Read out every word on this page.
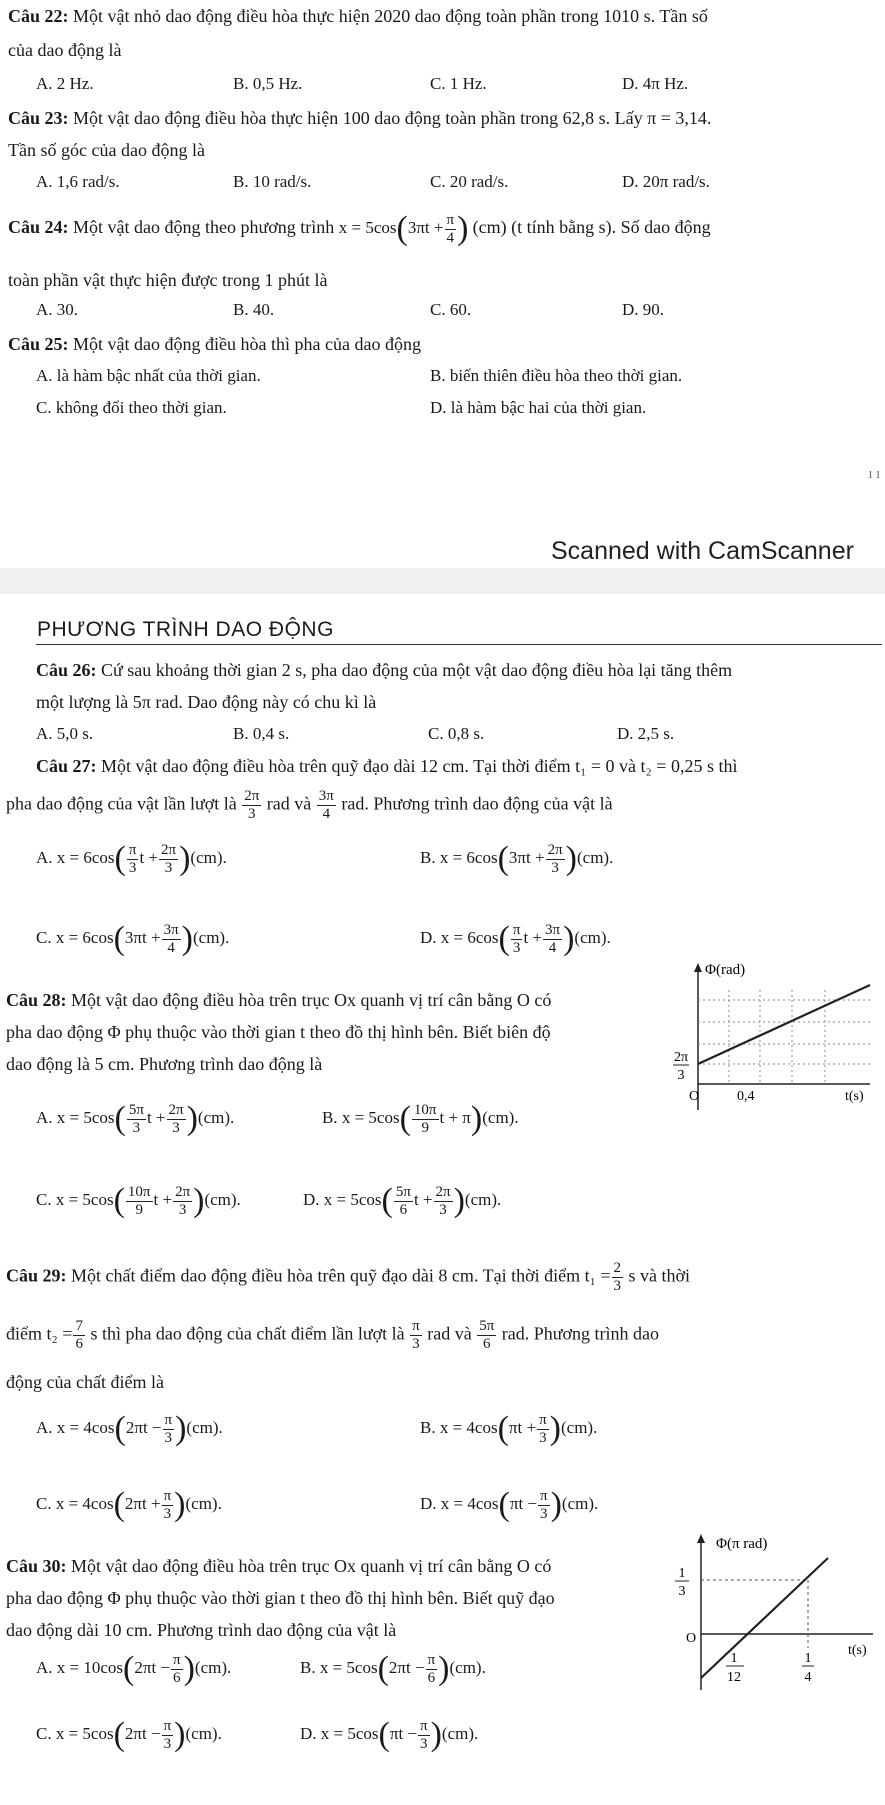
Câu 22: Một vật nhỏ dao động điều hòa thực hiện 2020 dao động toàn phần trong 1010 s. Tần số
của dao động là
A. 2 Hz.	B. 0,5 Hz.	C. 1 Hz.	D. 4π Hz.
Câu 23: Một vật dao động điều hòa thực hiện 100 dao động toàn phần trong 62,8 s. Lấy π = 3,14.
Tần số góc của dao động là
A. 1,6 rad/s.	B. 10 rad/s.	C. 20 rad/s.	D. 20π rad/s.
Câu 24: Một vật dao động theo phương trình $x = 5\cos(3\pi t + \frac{\pi}{4}$ ) (cm) (t tính bằng s). Số dao động
toàn phần vật thực hiện được trong 1 phút là
A. 30.	B. 40.	C. 60.	D. 90.
Câu 25: Một vật dao động điều hòa thì pha của dao động
A. là hàm bậc nhất của thời gian.	B. biến thiên điều hòa theo thời gian.
C. không đổi theo thời gian.	D. là hàm bậc hai của thời gian.
1 1
Scanned with CamScanner
PHƯƠNG TRÌNH DAO ĐỘNG
Câu 26: Cứ sau khoảng thời gian 2 s, pha dao động của một vật dao động điều hòa lại tăng thêm
một lượng là 5π rad. Dao động này có chu kì là
A. 5,0 s.	B. 0,4 s.	C. 0,8 s.	D. 2,5 s.
Câu 27: Một vật dao động điều hòa trên quỹ đạo dài 12 cm. Tại thời điểm t₁ = 0 và t₂ = 0,25 s thì
pha dao động của vật lần lượt là $\frac{2\pi}{3}$ rad và $\frac{3\pi}{4}$ rad. Phương trình dao động của vật là
A. $x = 6\cos( \frac{\pi}{3}$ $t + \frac{2\pi}{3} )(cm)$.	B. $x = 6\cos(3\pi t + \frac{2\pi}{3} )(cm)$.
C. $x = 6\cos(3\pi t + \frac{3\pi}{4} )(cm)$.	D. $x = 6\cos( \frac{\pi}{3}$ $t + \frac{3\pi}{4} )(cm)$.
Câu 28: Một vật dao động điều hòa trên trục Ox quanh vị trí cân bằng O có
pha dao động Φ phụ thuộc vào thời gian t theo đồ thị hình bên. Biết biên độ
dao động là 5 cm. Phương trình dao động là
A. $x = 5\cos( \frac{5\pi}{3}$ $t + \frac{2\pi}{3} )(cm)$.	B. $x = 5\cos( \frac{10\pi}{9}$ t + π)(cm).
C. $x = 5\cos( \frac{10\pi}{9}$ $t + \frac{2\pi}{3} )(cm)$.	D. $x = 5\cos( \frac{5\pi}{6}$ $t + \frac{2\pi}{3} )(cm)$.
Φ(rad)
2π
3
O	0,4	t(s)
Câu 29: Một chất điểm dao động điều hòa trên quỹ đạo dài 8 cm. Tại thời điểm $t_1 = \frac{2}{3}$ s và thời
điểm $t_2 = \frac{7}{6}$ s thì pha dao động của chất điểm lần lượt là $\frac{\pi}{3}$ rad và $\frac{5\pi}{6}$ rad. Phương trình dao
động của chất điểm là
A. $x = 4\cos(2\pi t - \frac{\pi}{3} )(cm)$.	B. $x = 4\cos(\pi t + \frac{\pi}{3} )(cm)$.
C. $x = 4\cos(2\pi t + \frac{\pi}{3} )(cm)$.	D. $x = 4\cos(\pi t - \frac{\pi}{3} )(cm)$.
Câu 30: Một vật dao động điều hòa trên trục Ox quanh vị trí cân bằng O có
pha dao động Φ phụ thuộc vào thời gian t theo đồ thị hình bên. Biết quỹ đạo
dao động dài 10 cm. Phương trình dao động của vật là
A. $x = 10\cos(2\pi t - \frac{\pi}{6} )(cm)$.	B. $x = 5\cos(2\pi t - \frac{\pi}{6} )(cm)$.
C. $x = 5\cos(2\pi t - \frac{\pi}{3} )(cm)$.	D. $x = 5\cos(\pi t - \frac{\pi}{3} )(cm)$.
Φ(π rad)
1
3
O
1
12
1
4
t(s)
